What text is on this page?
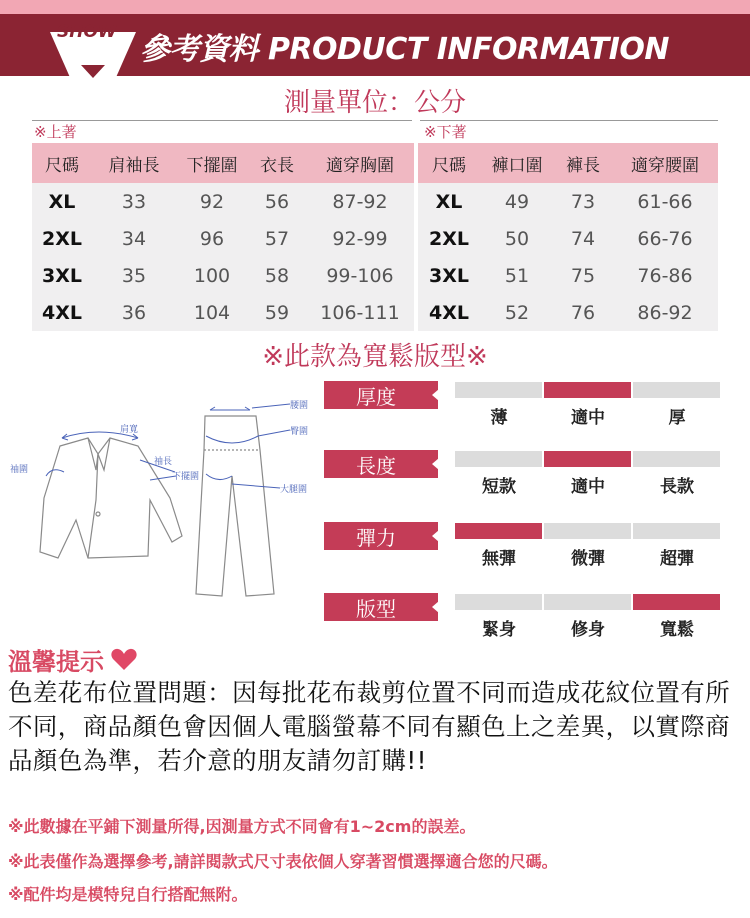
SHOW 參考資料 PRODUCT INFORMATION
測量單位：公分
※上著	※下著
尺碼	肩袖長	下擺圍	衣長	適穿胸圍
XL	33	92	56	87-92
2XL	34	96	57	92-99
3XL	35	100	58	99-106
4XL	36	104	59	106-111
尺碼	褲口圍	褲長	適穿腰圍
XL	49	73	61-66
2XL	50	74	66-76
3XL	51	75	76-86
4XL	52	76	86-92
※此款為寬鬆版型※
肩寬
袖圍
袖長
下擺圍
腰圍
臀圍
大腿圍
厚度
薄	適中	厚
長度
短款	適中	長款
彈力
無彈	微彈	超彈
版型
緊身	修身	寬鬆
溫馨提示
色差花布位置問題：因每批花布裁剪位置不同而造成花紋位置有所不同，商品顏色會因個人電腦螢幕不同有顯色上之差異，以實際商品顏色為準，若介意的朋友請勿訂購!!
※此數據在平鋪下測量所得,因測量方式不同會有1~2cm的誤差。
※此表僅作為選擇參考,請詳閱款式尺寸表依個人穿著習慣選擇適合您的尺碼。
※配件均是模特兒自行搭配無附。
